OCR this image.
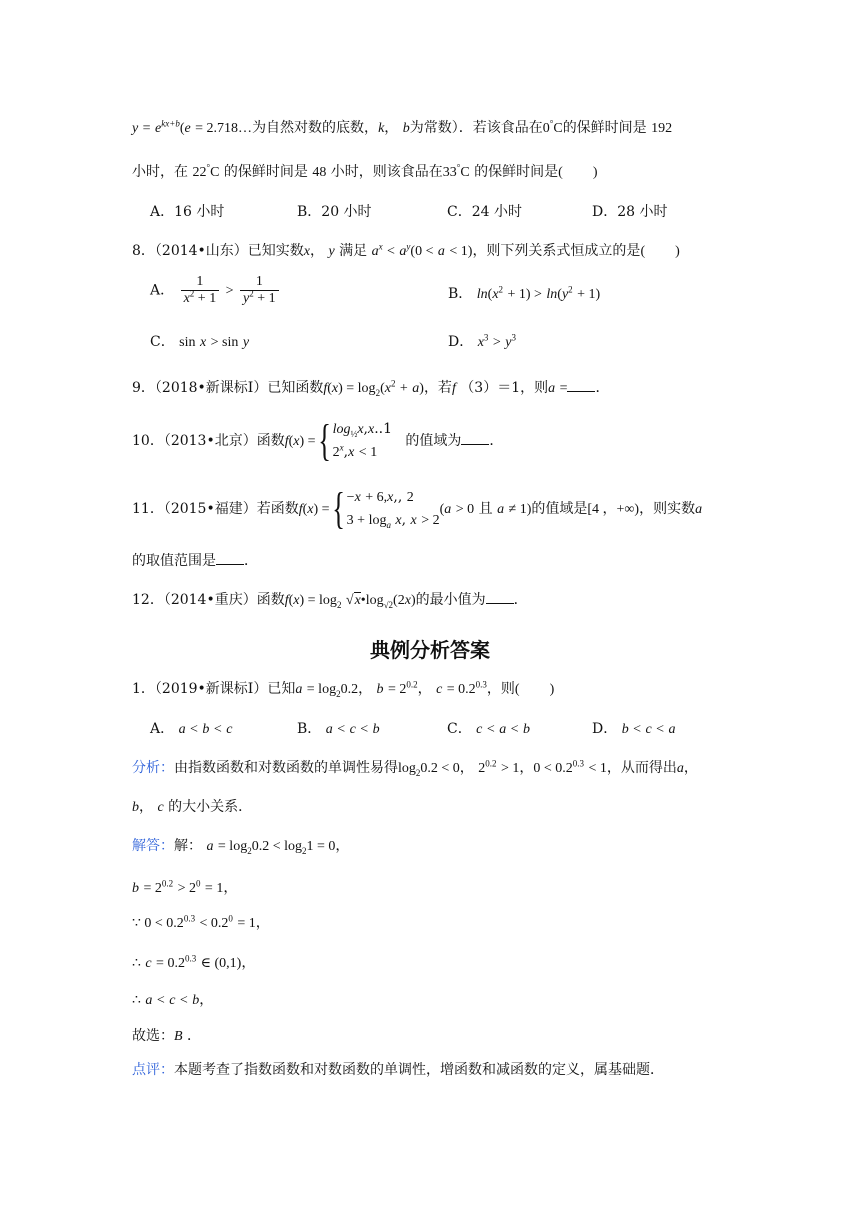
$y = e^{kx+b}(e$ = 2.718…为自然对数的底数，k， b为常数）．若该食品在0°C的保鲜时间是 192
小时，在 22°C 的保鲜时间是 48 小时，则该食品在33°C 的保鲜时间是( )
A．16 小时	B．20 小时	C．24 小时	D．28 小时
8．（2014•山东）已知实数x， y 满足 $a^x < a^y(0 < a < 1)$，则下列关系式恒成立的是( )
A． $\frac{1}{x^2 + 1} > \frac{1}{y^2 + 1}$	B． $\ln(x^2 + 1) > \ln(y^2 + 1)$
C． sin x > sin y	D． $x^3 > y^3$
9．（2018•新课标Ⅰ）已知函数$f(x) = \log_2(x^2 + a)$，若f （3）＝1，则a = ．
10．（2013•北京）函数f(x) ={ $\log_{\frac{1}{2}}x,x..1$
$2^x,x < 1$
的值域为 ．
11．（2015•福建）若函数f(x) ={ −x + 6,x,, 2
$3 + \log_a x$, x > 2
(a > 0 且 a ≠ 1)的值域是[4 ，+∞)，则实数a
的取值范围是 ．
12．（2014•重庆）函数$f(x) = \log_2$ $√x•\log_{√2}(2x)$的最小值为 ．
典例分析答案
1．（2019•新课标Ⅰ）已知$a = \log_20.2$， $b = 2^{0.2}$， $c = 0.2^{0.3}$，则( )
A． a < b < c	B． a < c < b	C． c < a < b	D． b < c < a
分析：由指数函数和对数函数的单调性易得$\log_20.2 < 0$， $2^{0.2} > 1$，$0 < 0.2^{0.3} < 1$，从而得出a，
b， c 的大小关系．
解答：解： $a = \log_20.2 < \log_21 = 0$，
$b = 2^{0.2} > 2^0 = 1$，
∵ $0 < 0.2^{0.3} < 0.2^0 = 1$，
∴ $c = 0.2^{0.3}$ ∈ (0,1)，
∴ a < c < b，
故选：B ．
点评：本题考查了指数函数和对数函数的单调性，增函数和减函数的定义，属基础题．
